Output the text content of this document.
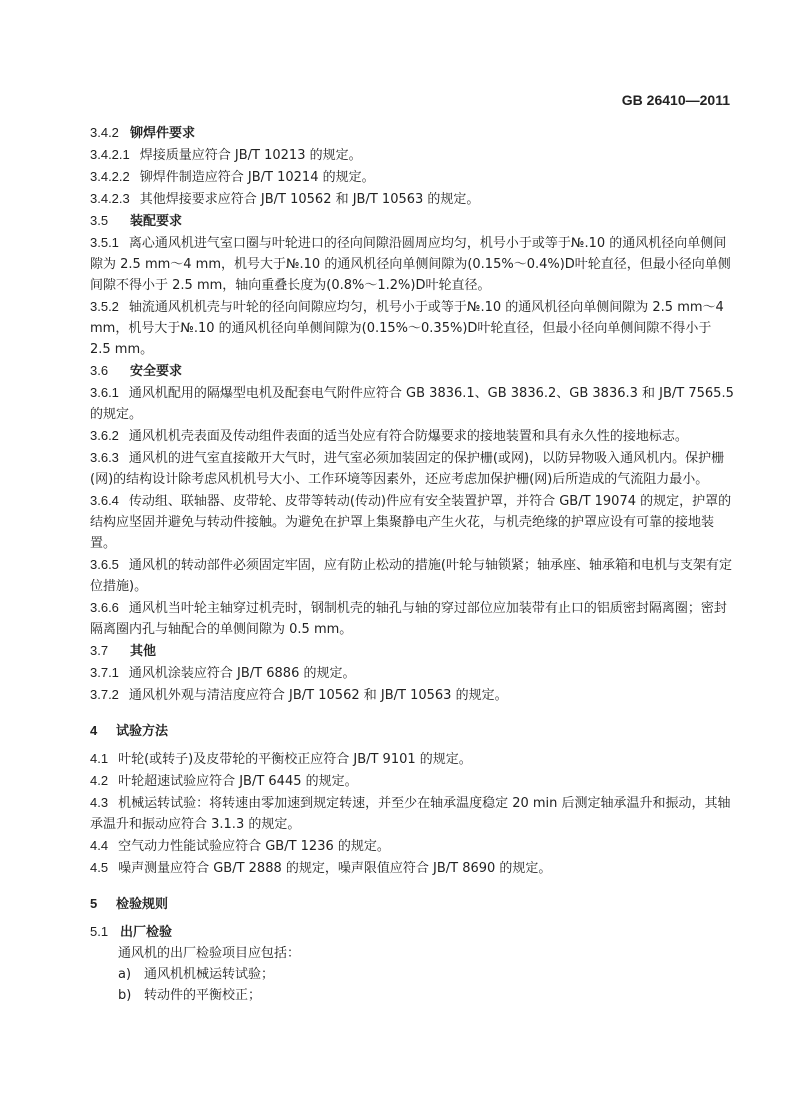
GB 26410—2011

3.4.2 铆焊件要求

3.4.2.1 焊接质量应符合 JB/T 10213 的规定。

3.4.2.2 铆焊件制造应符合 JB/T 10214 的规定。

3.4.2.3 其他焊接要求应符合 JB/T 10562 和 JB/T 10563 的规定。

3.5 装配要求

3.5.1 离心通风机进气室口圈与叶轮进口的径向间隙沿圆周应均匀，机号小于或等于№.10 的通风机径向单侧间隙为 2.5 mm～4 mm，机号大于№.10 的通风机径向单侧间隙为(0.15%～0.4%)D叶轮直径，但最小径向单侧间隙不得小于 2.5 mm，轴向重叠长度为(0.8%～1.2%)D叶轮直径。

3.5.2 轴流通风机机壳与叶轮的径向间隙应均匀，机号小于或等于№.10 的通风机径向单侧间隙为 2.5 mm～4 mm，机号大于№.10 的通风机径向单侧间隙为(0.15%～0.35%)D叶轮直径，但最小径向单侧间隙不得小于 2.5 mm。

3.6 安全要求

3.6.1 通风机配用的隔爆型电机及配套电气附件应符合 GB 3836.1、GB 3836.2、GB 3836.3 和 JB/T 7565.5 的规定。

3.6.2 通风机机壳表面及传动组件表面的适当处应有符合防爆要求的接地装置和具有永久性的接地标志。

3.6.3 通风机的进气室直接敞开大气时，进气室必须加装固定的保护栅(或网)，以防异物吸入通风机内。保护栅(网)的结构设计除考虑风机机号大小、工作环境等因素外，还应考虑加保护栅(网)后所造成的气流阻力最小。

3.6.4 传动组、联轴器、皮带轮、皮带等转动(传动)件应有安全装置护罩，并符合 GB/T 19074 的规定，护罩的结构应坚固并避免与转动件接触。为避免在护罩上集聚静电产生火花，与机壳绝缘的护罩应设有可靠的接地装置。

3.6.5 通风机的转动部件必须固定牢固，应有防止松动的措施(叶轮与轴锁紧；轴承座、轴承箱和电机与支架有定位措施)。

3.6.6 通风机当叶轮主轴穿过机壳时，钢制机壳的轴孔与轴的穿过部位应加装带有止口的铝质密封隔离圈；密封隔离圈内孔与轴配合的单侧间隙为 0.5 mm。

3.7 其他

3.7.1 通风机涂装应符合 JB/T 6886 的规定。

3.7.2 通风机外观与清洁度应符合 JB/T 10562 和 JB/T 10563 的规定。

4 试验方法

4.1 叶轮(或转子)及皮带轮的平衡校正应符合 JB/T 9101 的规定。

4.2 叶轮超速试验应符合 JB/T 6445 的规定。

4.3 机械运转试验：将转速由零加速到规定转速，并至少在轴承温度稳定 20 min 后测定轴承温升和振动，其轴承温升和振动应符合 3.1.3 的规定。

4.4 空气动力性能试验应符合 GB/T 1236 的规定。

4.5 噪声测量应符合 GB/T 2888 的规定，噪声限值应符合 JB/T 8690 的规定。

5 检验规则

5.1 出厂检验

通风机的出厂检验项目应包括：

a) 通风机机械运转试验；

b) 转动件的平衡校正；
